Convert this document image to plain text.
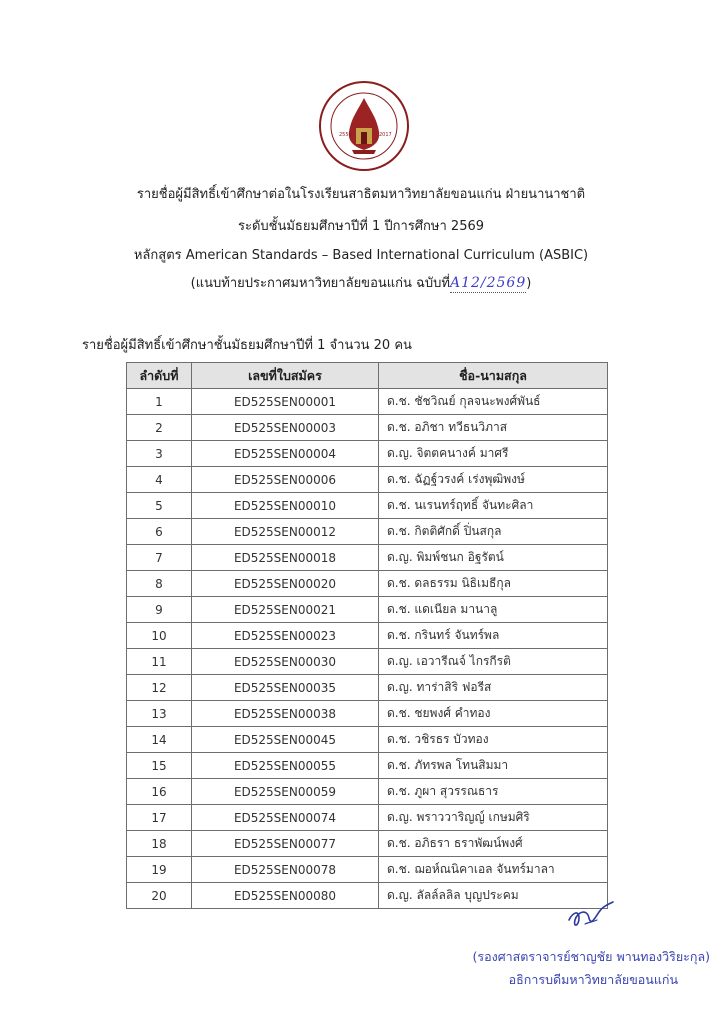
2550	2017
รายชื่อผู้มีสิทธิ์เข้าศึกษาต่อในโรงเรียนสาธิตมหาวิทยาลัยขอนแก่น ฝ่ายนานาชาติ
ระดับชั้นมัธยมศึกษาปีที่ 1 ปีการศึกษา 2569
หลักสูตร American Standards – Based International Curriculum (ASBIC)
(แนบท้ายประกาศมหาวิทยาลัยขอนแก่น ฉบับที่A12/2569)
รายชื่อผู้มีสิทธิ์เข้าศึกษาชั้นมัธยมศึกษาปีที่ 1 จำนวน 20 คน
ลำดับที่	เลขที่ใบสมัคร	ชื่อ-นามสกุล
1	ED525SEN00001	ด.ช. ชัชวิณย์ กุลจนะพงศ์พันธ์
2	ED525SEN00003	ด.ช. อภิชา ทวีธนวิภาส
3	ED525SEN00004	ด.ญ. จิตตคนางค์ มาศรี
4	ED525SEN00006	ด.ช. ฉัฏฐ์วรงค์ เร่งพุฒิพงษ์
5	ED525SEN00010	ด.ช. นเรนทร์ฤทธิ์ จันทะศิลา
6	ED525SEN00012	ด.ช. กิตติศักดิ์ ปิ่นสกุล
7	ED525SEN00018	ด.ญ. พิมพ์ชนก อิฐรัตน์
8	ED525SEN00020	ด.ช. ดลธรรม นิธิเมธีกุล
9	ED525SEN00021	ด.ช. แดเนียล มานาลู
10	ED525SEN00023	ด.ช. กรินทร์ จันทร์พล
11	ED525SEN00030	ด.ญ. เอวารีณจ์ ไกรกีรติ
12	ED525SEN00035	ด.ญ. ทาร่าสิริ ฟอรีส
13	ED525SEN00038	ด.ช. ชยพงศ์ คำทอง
14	ED525SEN00045	ด.ช. วชิรธร บัวทอง
15	ED525SEN00055	ด.ช. ภัทรพล โทนสิมมา
16	ED525SEN00059	ด.ช. ภูผา สุวรรณธาร
17	ED525SEN00074	ด.ญ. พราววาริญญ์ เกษมศิริ
18	ED525SEN00077	ด.ช. อภิธรา ธราพัฒน์พงศ์
19	ED525SEN00078	ด.ช. ฌอห์ณนิคาเอล จันทร์มาลา
20	ED525SEN00080	ด.ญ. ลัลล์ลลิล บุญประคม
(รองศาสตราจารย์ชาญชัย พานทองวิริยะกุล)
อธิการบดีมหาวิทยาลัยขอนแก่น
